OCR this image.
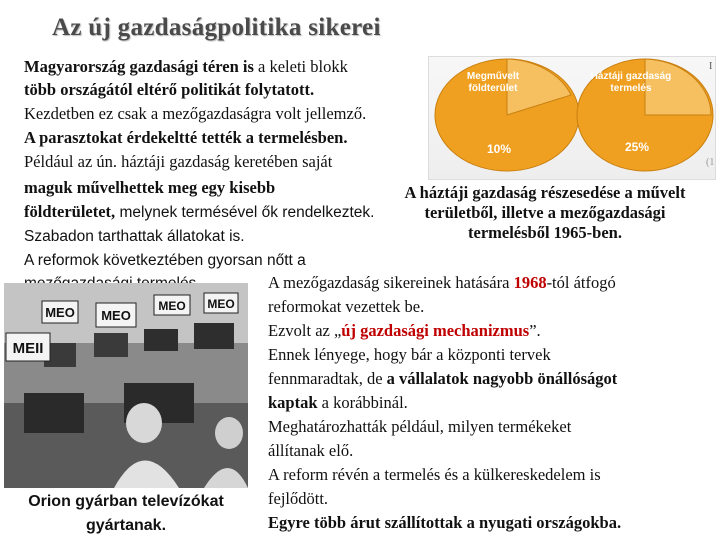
Az új gazdaságpolitika sikerei
Magyarország gazdasági téren is a keleti blokk
több országától eltérő politikát folytatott.
Kezdetben ez csak a mezőgazdaságra volt jellemző.
A parasztokat érdekeltté tették a termelésben.
Például az ún. háztáji gazdaság keretében saját
maguk művelhettek meg egy kisebb
Megművelt
földterület
Háztáji gazdaság
termelés
10%	25%
I
(1
A háztáji gazdaság részesedése a művelt
területből, illetve a mezőgazdasági
termelésből 1965-ben.
földterületet, melynek termésével ők rendelkeztek.
Szabadon tarthattak állatokat is.
A reformok következtében gyorsan nőtt a
MEO MEO
MEO
MEII
MEO
Orion gyárban televízókat
gyártanak.
A mezőgazdaság sikereinek hatására 1968-tól átfogó
reformokat vezettek be.
Ezvolt az „új gazdasági mechanizmus”.
Ennek lényege, hogy bár a központi tervek
fennmaradtak, de a vállalatok nagyobb önállóságot
kaptak a korábbinál.
Meghatározhatták például, milyen termékeket
állítanak elő.
A reform révén a termelés és a külkereskedelem is
fejlődött.
Egyre több árut szállítottak a nyugati országokba.
